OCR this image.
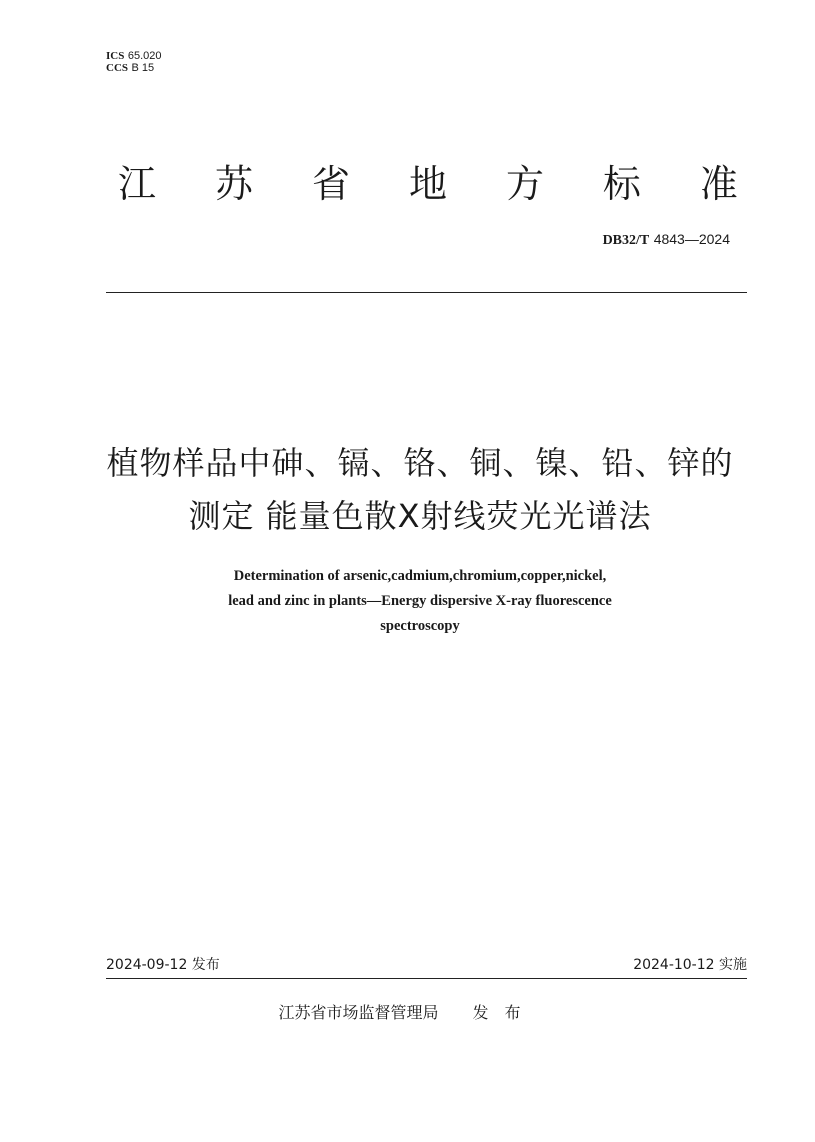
ICS 65.020
CCS B 15
江 苏 省 地 方 标 准
DB32/T 4843—2024
植物样品中砷、镉、铬、铜、镍、铅、锌的
测定 能量色散X射线荧光光谱法
Determination of arsenic,cadmium,chromium,copper,nickel,
lead and zinc in plants—Energy dispersive X-ray fluorescence
spectroscopy
2024-09-12 发布	2024-10-12 实施
江苏省市场监督管理局 发布
